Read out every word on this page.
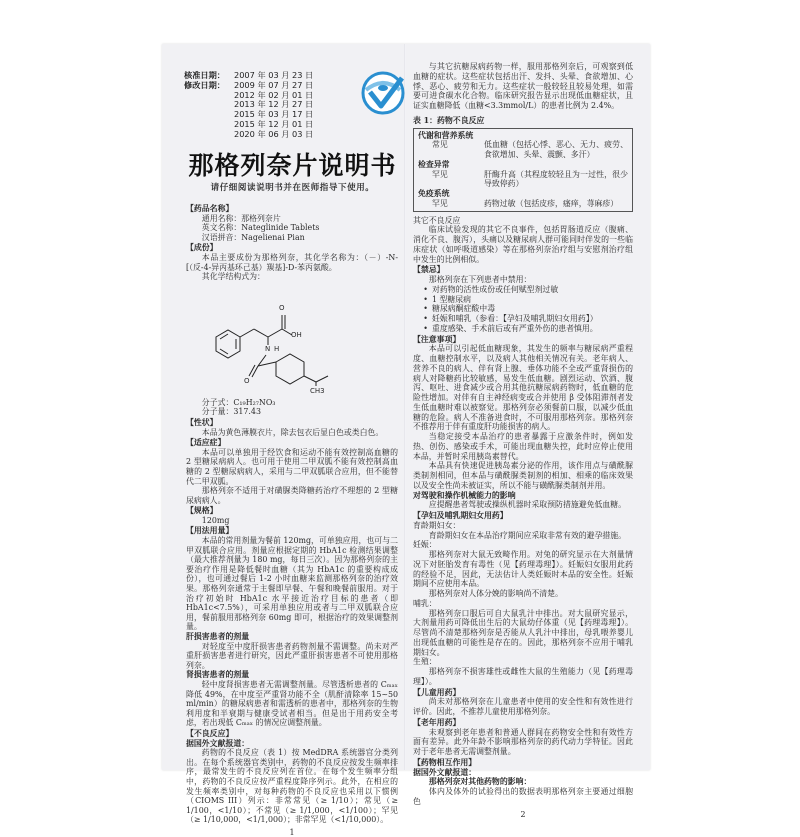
核准日期：	2007 年 03 月 23 日
修改日期：	2009 年 07 月 27 日
2012 年 02 月 01 日
2013 年 12 月 27 日
2015 年 03 月 17 日
2015 年 12 月 01 日
2020 年 06 月 03 日
那格列奈片说明书
请仔细阅读说明书并在医师指导下使用。
【药品名称】
通用名称：那格列奈片
英文名称：Nateglinide Tablets
汉语拼音：Nagelienai Pian
【成份】
本品主要成份为那格列奈，其化学名称为：（－）-N-[（反-4-异丙基环己基）羰基]-D-苯丙氨酸。
其化学结构式为：
O
OH
N H
O
CH3
分子式：C₁₉H₂₇NO₃
分子量：317.43
【性状】
本品为黄色薄膜衣片，除去包衣后显白色或类白色。
【适应症】
本品可以单独用于经饮食和运动不能有效控制高血糖的 2 型糖尿病病人。也可用于使用二甲双胍不能有效控制高血糖的 2 型糖尿病病人，采用与二甲双胍联合应用，但不能替代二甲双胍。
那格列奈不适用于对磺脲类降糖药治疗不理想的 2 型糖尿病病人。
【规格】
120mg
【用法用量】
本品的常用剂量为餐前 120mg，可单独应用，也可与二甲双胍联合应用。剂量应根据定期的 HbA1c 检测结果调整（最大推荐剂量为 180 mg，每日三次）。因为那格列奈的主要治疗作用是降低餐时血糖（其为 HbA1c 的重要构成成份），也可通过餐后 1-2 小时血糖来监测那格列奈的治疗效果。那格列奈通常于主餐即早餐、午餐和晚餐前服用。对于治疗初始时 HbA1c 水平接近治疗目标的患者（即 HbA1c<7.5%），可采用单独应用或者与二甲双胍联合应用，餐前服用那格列奈 60mg 即可，根据治疗的效果调整剂量。
肝损害患者的剂量
对轻度至中度肝损害患者药物剂量不需调整。尚未对严重肝损害患者进行研究，因此严重肝损害患者不可使用那格列奈。
肾损害患者的剂量
轻中度肾损害患者无需调整剂量。尽管透析患者的 Cₘₐₓ 降低 49%，在中度至严重肾功能不全（肌酐清除率 15~50 ml/min）的糖尿病患者和需透析的患者中，那格列奈的生物利用度和半衰期与健康受试者相当。但是出于用药安全考虑，若出现低 Cₘₐₓ 的情况应调整剂量。
【不良反应】
据国外文献报道：
药物的不良反应（表 1）按 MedDRA 系统器官分类列出。在每个系统器官类别中，药物的不良反应按发生频率排序，最常发生的不良反应列在首位。在每个发生频率分组中，药物的不良反应按严重程度降序列示。此外，在相应的发生频率类别中，对每种药物的不良反应也采用以下惯例（CIOMS III）列示：非常常见（≥ 1/10）；常见（≥ 1/100，<1/10）；不常见（≥ 1/1,000，<1/100）；罕见（≥ 1/10,000，<1/1,000）；非常罕见（<1/10,000）。
1
与其它抗糖尿病药物一样，服用那格列奈后，可观察到低血糖的症状。这些症状包括出汗、发抖、头晕、食欲增加、心悸、恶心、疲劳和无力。这些症状一般较轻且较易处理，如需要可进食碳水化合物。临床研究报告显示出现低血糖症状，且证实血糖降低（血糖<3.3mmol/L）的患者比例为 2.4%。
表 1：药物不良反应
代谢和营养系统
常见	低血糖（包括心悸、恶心、无力、疲劳、食欲增加、头晕、震颤、多汗）
检查异常
罕见	肝酶升高（其程度较轻且为一过性，很少导致停药）
免疫系统
罕见	药物过敏（包括皮疹，瘙痒，荨麻疹）
其它不良反应
临床试验发现的其它不良事件，包括胃肠道反应（腹痛、消化不良、腹泻），头痛以及糖尿病人群可能同时伴发的一些临床症状（如呼吸道感染）等在那格列奈治疗组与安慰剂治疗组中发生的比例相似。
【禁忌】
那格列奈在下列患者中禁用：
• 对药物的活性成份或任何赋型剂过敏
• 1 型糖尿病
• 糖尿病酮症酸中毒
• 妊娠和哺乳（参看：【孕妇及哺乳期妇女用药】）
• 重度感染、手术前后或有严重外伤的患者慎用。
【注意事项】
本品可以引起低血糖现象，其发生的频率与糖尿病严重程度、血糖控制水平，以及病人其他相关情况有关。老年病人、营养不良的病人、伴有肾上腺、垂体功能不全或严重肾损伤的病人对降糖药比较敏感，易发生低血糖。剧烈运动、饮酒、腹泻、呕吐、进食减少或合用其他抗糖尿病药物时，低血糖的危险性增加。对伴有自主神经病变或合并使用 β 受体阻滞剂者发生低血糖时难以被察觉。那格列奈必须餐前口服，以减少低血糖的危险。病人不准备进食时，不可服用那格列奈。那格列奈不推荐用于伴有重度肝功能损害的病人。
当稳定接受本品治疗的患者暴露于应激条件时，例如发热、创伤、感染或手术，可能出现血糖失控，此时应停止使用本品，并暂时采用胰岛素替代。
本品具有快速促进胰岛素分泌的作用，该作用点与磺酰脲类制剂相同，但本品与磺酰脲类制剂的相加、相乘的临床效果以及安全性尚未被证实，所以不能与磺酰脲类制剂并用。
对驾驶和操作机械能力的影响
应提醒患者驾驶或操纵机器时采取预防措施避免低血糖。
【孕妇及哺乳期妇女用药】
育龄期妇女：
育龄期妇女在本品治疗期间应采取非常有效的避孕措施。
妊娠：
那格列奈对大鼠无致畸作用。对兔的研究显示在大剂量情况下对胚胎发育有毒性（见【药理毒理】）。妊娠妇女服用此药的经验不足，因此，无法估计人类妊娠时本品的安全性。妊娠期间不应使用本品。
那格列奈对人体分娩的影响尚不清楚。
哺乳：
那格列奈口服后可自大鼠乳汁中排出。对大鼠研究显示，大剂量用药可降低出生后的大鼠幼仔体重（见【药理毒理】）。尽管尚不清楚那格列奈是否能从人乳汁中排出，母乳喂养婴儿出现低血糖的可能性是存在的。因此，那格列奈不应用于哺乳期妇女。
生殖：
那格列奈不损害雄性或雌性大鼠的生殖能力（见【药理毒理】）。
【儿童用药】
尚未对那格列奈在儿童患者中使用的安全性和有效性进行评价。因此，不推荐儿童使用那格列奈。
【老年用药】
未观察到老年患者和普通人群间在药物安全性和有效性方面有差异。此外年龄不影响那格列奈的药代动力学特征。因此对于老年患者无需调整剂量。
【药物相互作用】
据国外文献报道：
那格列奈对其他药物的影响：
体内及体外的试验得出的数据表明那格列奈主要通过细胞色
2
